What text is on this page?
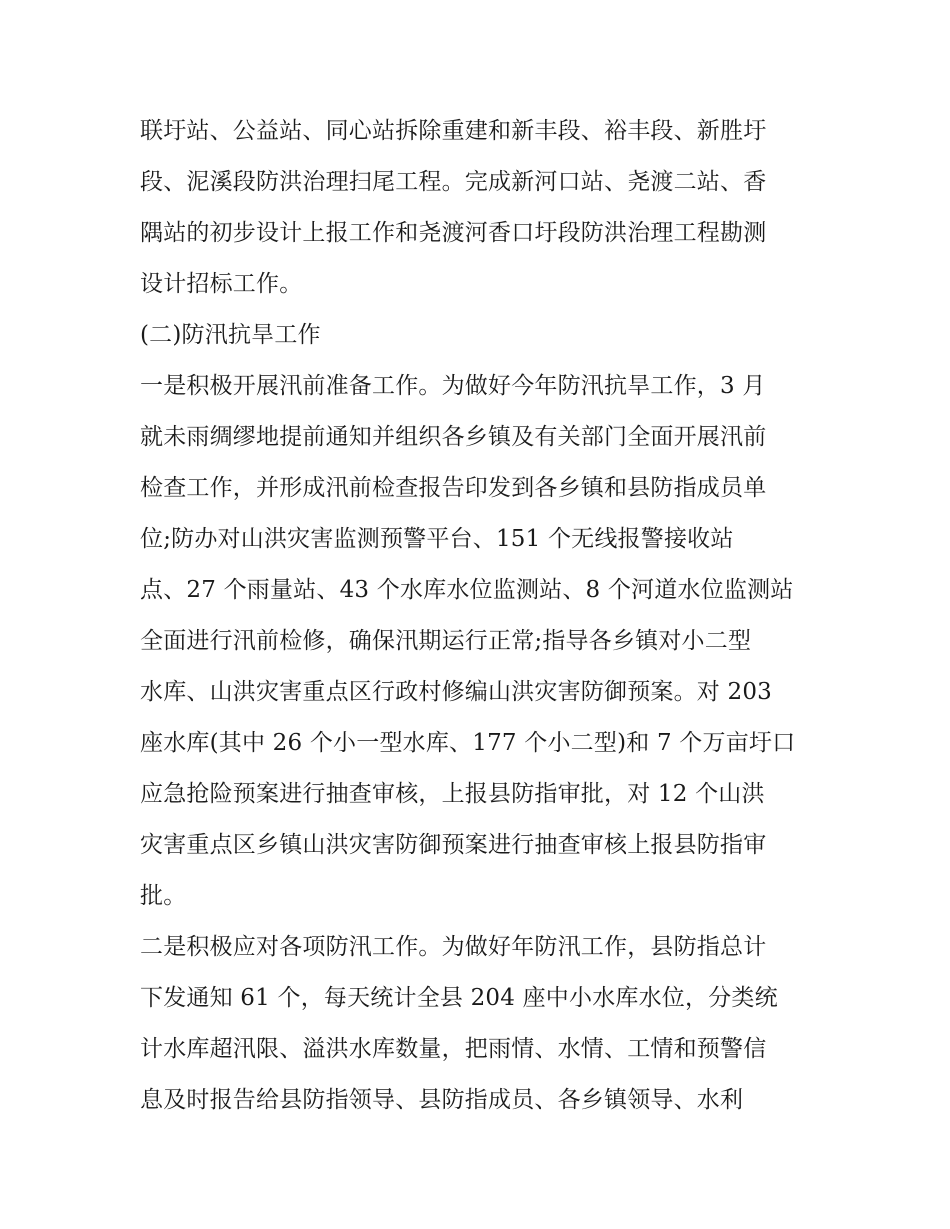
联圩站、公益站、同心站拆除重建和新丰段、裕丰段、新胜圩
段、泥溪段防洪治理扫尾工程。完成新河口站、尧渡二站、香
隅站的初步设计上报工作和尧渡河香口圩段防洪治理工程勘测
设计招标工作。
(二)防汛抗旱工作
一是积极开展汛前准备工作。为做好今年防汛抗旱工作，3 月
就未雨绸缪地提前通知并组织各乡镇及有关部门全面开展汛前
检查工作，并形成汛前检查报告印发到各乡镇和县防指成员单
位;防办对山洪灾害监测预警平台、151 个无线报警接收站
点、27 个雨量站、43 个水库水位监测站、8 个河道水位监测站
全面进行汛前检修，确保汛期运行正常;指导各乡镇对小二型
水库、山洪灾害重点区行政村修编山洪灾害防御预案。对 203
座水库(其中 26 个小一型水库、177 个小二型)和 7 个万亩圩口
应急抢险预案进行抽查审核，上报县防指审批，对 12 个山洪
灾害重点区乡镇山洪灾害防御预案进行抽查审核上报县防指审
批。
二是积极应对各项防汛工作。为做好年防汛工作，县防指总计
下发通知 61 个，每天统计全县 204 座中小水库水位，分类统
计水库超汛限、溢洪水库数量，把雨情、水情、工情和预警信
息及时报告给县防指领导、县防指成员、各乡镇领导、水利
